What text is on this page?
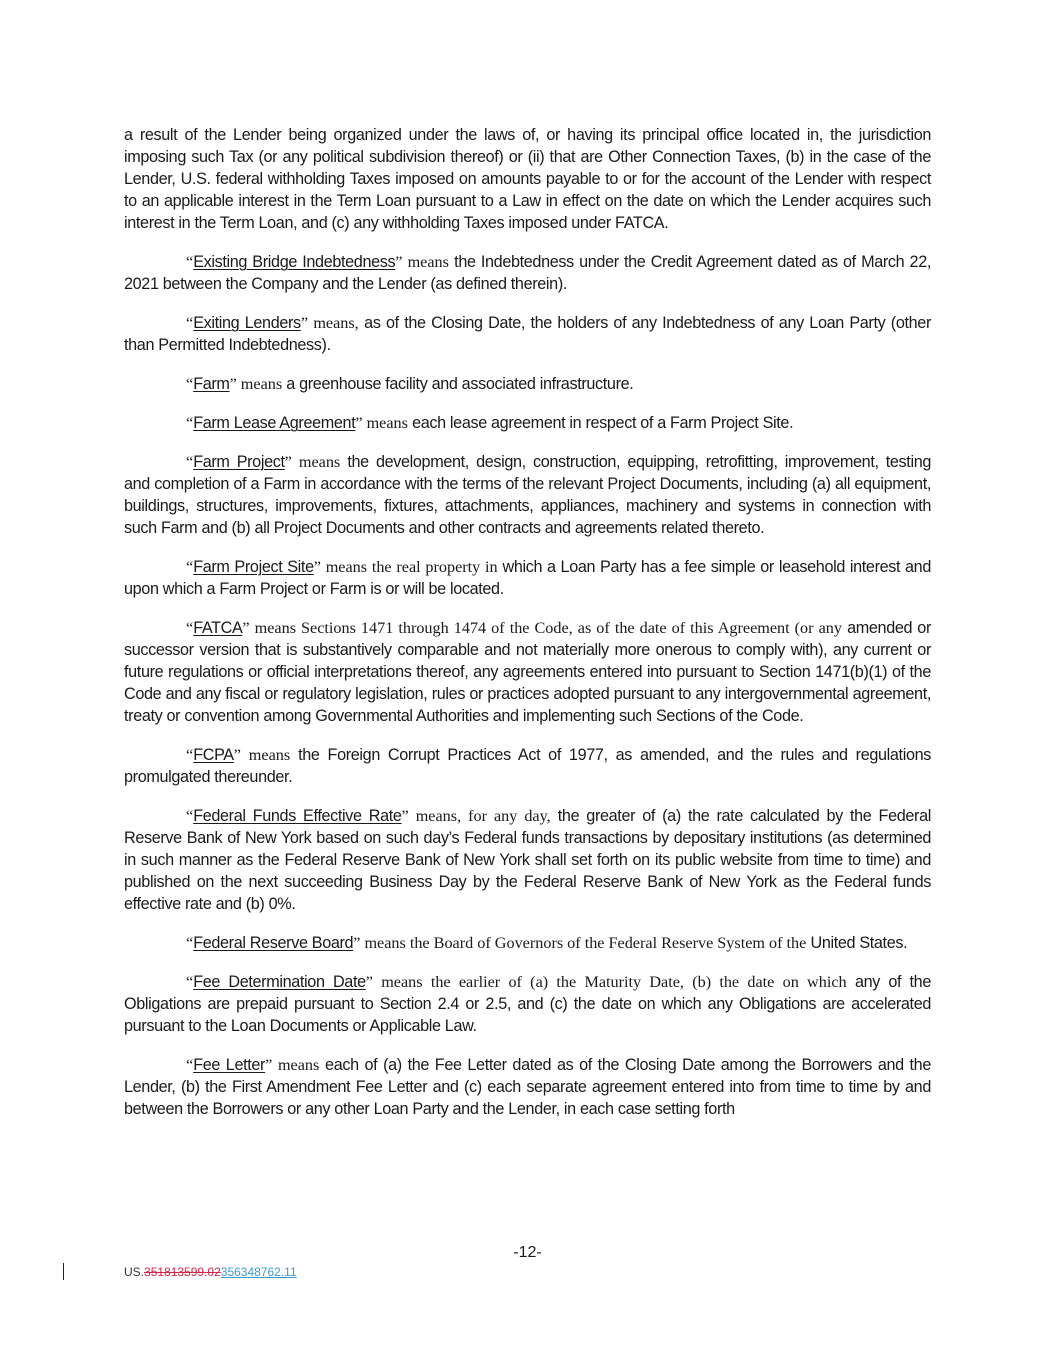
a result of the Lender being organized under the laws of, or having its principal office located in, the jurisdiction imposing such Tax (or any political subdivision thereof) or (ii) that are Other Connection Taxes, (b) in the case of the Lender, U.S. federal withholding Taxes imposed on amounts payable to or for the account of the Lender with respect to an applicable interest in the Term Loan pursuant to a Law in effect on the date on which the Lender acquires such interest in the Term Loan, and (c) any withholding Taxes imposed under FATCA.

“Existing Bridge Indebtedness” means the Indebtedness under the Credit Agreement dated as of March 22, 2021 between the Company and the Lender (as defined therein).

“Exiting Lenders” means, as of the Closing Date, the holders of any Indebtedness of any Loan Party (other than Permitted Indebtedness).

“Farm” means a greenhouse facility and associated infrastructure.

“Farm Lease Agreement” means each lease agreement in respect of a Farm Project Site.

“Farm Project” means the development, design, construction, equipping, retrofitting, improvement, testing and completion of a Farm in accordance with the terms of the relevant Project Documents, including (a) all equipment, buildings, structures, improvements, fixtures, attachments, appliances, machinery and systems in connection with such Farm and (b) all Project Documents and other contracts and agreements related thereto.

“Farm Project Site” means the real property in which a Loan Party has a fee simple or leasehold interest and upon which a Farm Project or Farm is or will be located.

“FATCA” means Sections 1471 through 1474 of the Code, as of the date of this Agreement (or any amended or successor version that is substantively comparable and not materially more onerous to comply with), any current or future regulations or official interpretations thereof, any agreements entered into pursuant to Section 1471(b)(1) of the Code and any fiscal or regulatory legislation, rules or practices adopted pursuant to any intergovernmental agreement, treaty or convention among Governmental Authorities and implementing such Sections of the Code.

“FCPA” means the Foreign Corrupt Practices Act of 1977, as amended, and the rules and regulations promulgated thereunder.

“Federal Funds Effective Rate” means, for any day, the greater of (a) the rate calculated by the Federal Reserve Bank of New York based on such day’s Federal funds transactions by depositary institutions (as determined in such manner as the Federal Reserve Bank of New York shall set forth on its public website from time to time) and published on the next succeeding Business Day by the Federal Reserve Bank of New York as the Federal funds effective rate and (b) 0%.

“Federal Reserve Board” means the Board of Governors of the Federal Reserve System of the United States.

“Fee Determination Date” means the earlier of (a) the Maturity Date, (b) the date on which any of the Obligations are prepaid pursuant to Section 2.4 or 2.5, and (c) the date on which any Obligations are accelerated pursuant to the Loan Documents or Applicable Law.

“Fee Letter” means each of (a) the Fee Letter dated as of the Closing Date among the Borrowers and the Lender, (b) the First Amendment Fee Letter and (c) each separate agreement entered into from time to time by and between the Borrowers or any other Loan Party and the Lender, in each case setting forth

-12-
US.351813599.02356348762.11
